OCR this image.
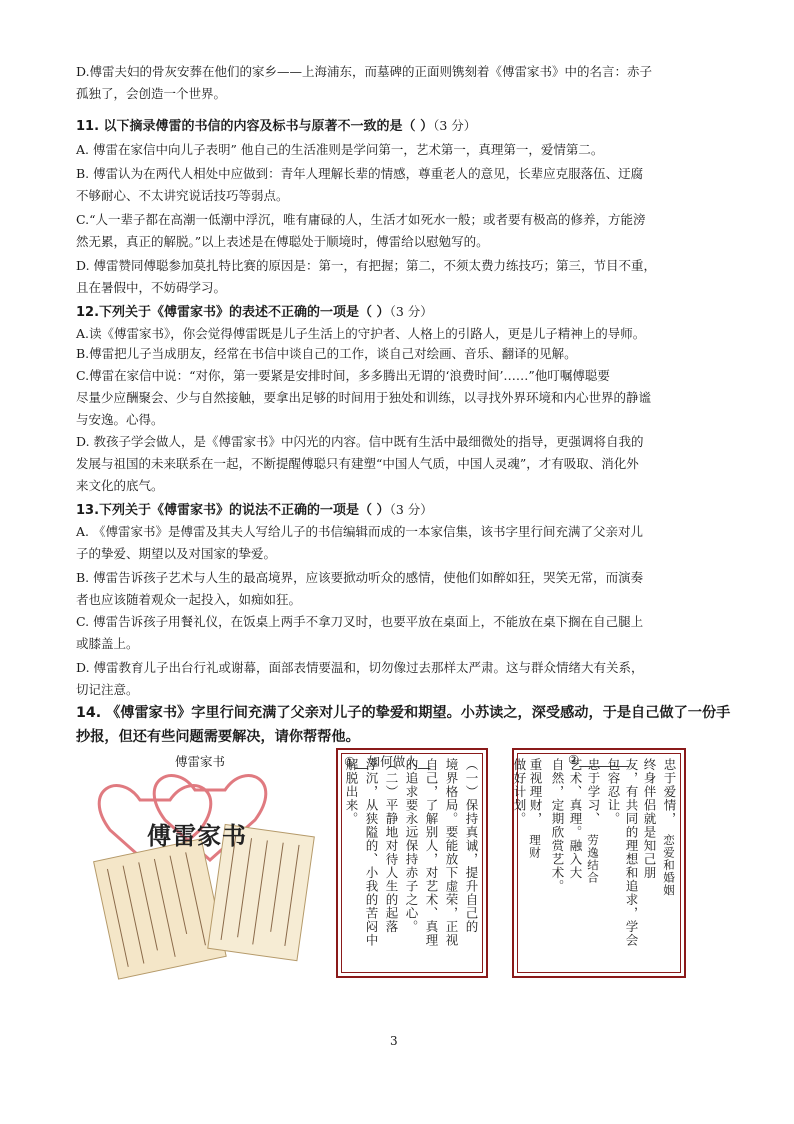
D.傅雷夫妇的骨灰安葬在他们的家乡——上海浦东，而墓碑的正面则镌刻着《傅雷家书》中的名言：赤子
孤独了，会创造一个世界。
11. 以下摘录傅雷的书信的内容及标书与原著不一致的是（ ）（3 分）
A. 傅雷在家信中向儿子表明” 他自己的生活准则是学问第一，艺术第一，真理第一，爱情第二。
B. 傅雷认为在两代人相处中应做到：青年人理解长辈的情感，尊重老人的意见，长辈应克服落伍、迂腐
不够耐心、不太讲究说话技巧等弱点。
C.“人一辈子都在高潮一低潮中浮沉，唯有庸碌的人，生活才如死水一般；或者要有极高的修养，方能滂
然无累，真正的解脱。”以上表述是在傅聪处于顺境时，傅雷给以慰勉写的。
D. 傅雷赞同傅聪参加莫扎特比赛的原因是：第一，有把握；第二，不须太费力练技巧；第三，节目不重，
且在暑假中，不妨碍学习。
12.下列关于《傅雷家书》的表述不正确的一项是（ ）（3 分）
A.读《傅雷家书》，你会觉得傅雷既是儿子生活上的守护者、人格上的引路人，更是儿子精神上的导师。
B.傅雷把儿子当成朋友，经常在书信中谈自己的工作，谈自己对绘画、音乐、翻译的见解。
C.傅雷在家信中说：“对你，第一要紧是安排时间，多多腾出无谓的‘浪费时间’……”他叮嘱傅聪要
尽量少应酬聚会、少与自然接触，要拿出足够的时间用于独处和训练，以寻找外界环境和内心世界的静谧
与安逸。心得。
D. 教孩子学会做人，是《傅雷家书》中闪光的内容。信中既有生活中最细微处的指导，更强调将自我的
发展与祖国的未来联系在一起，不断提醒傅聪只有建塑“中国人气质，中国人灵魂”，才有吸取、消化外
来文化的底气。
13.下列关于《傅雷家书》的说法不正确的一项是（ ）（3 分）
A. 《傅雷家书》是傅雷及其夫人写给儿子的书信编辑而成的一本家信集，该书字里行间充满了父亲对儿
子的挚爱、期望以及对国家的挚爱。
B. 傅雷告诉孩子艺术与人生的最高境界，应该要掀动听众的感情，使他们如醉如狂，哭笑无常，而演奏
者也应该随着观众一起投入，如痴如狂。
C. 傅雷告诉孩子用餐礼仪，在饭桌上两手不拿刀叉时，也要平放在桌面上，不能放在桌下搁在自己腿上
或膝盖上。
D. 傅雷教育儿子出台行礼或谢幕，面部表情要温和，切勿像过去那样太严肃。这与群众情绪大有关系，
切记注意。
14. 《傅雷家书》字里行间充满了父亲对儿子的挚爱和期望。小苏读之，深受感动，于是自己做了一份手
抄报，但还有些问题需要解决，请你帮帮他。
傅雷家书	①__如何做人__	②________
傅雷家书	（一）保持真诚，提升自己的
境界格局。要能放下虚荣，正视
自己，了解别人，对艺术、真理
的追求要永远保持赤子之心。
（二）平静地对待人生的起落
浮沉，从狭隘的、小我的苦闷中
解脱出来。	忠于爱情，
恋爱和婚姻
终身伴侣就是知己朋
友，有共同的理想和追求，学会
包容忍让。
忠于学习、
劳逸结合
艺术、真理。融入大
自然，定期欣赏艺术。
重视理财，
理财
做好计划。
3
